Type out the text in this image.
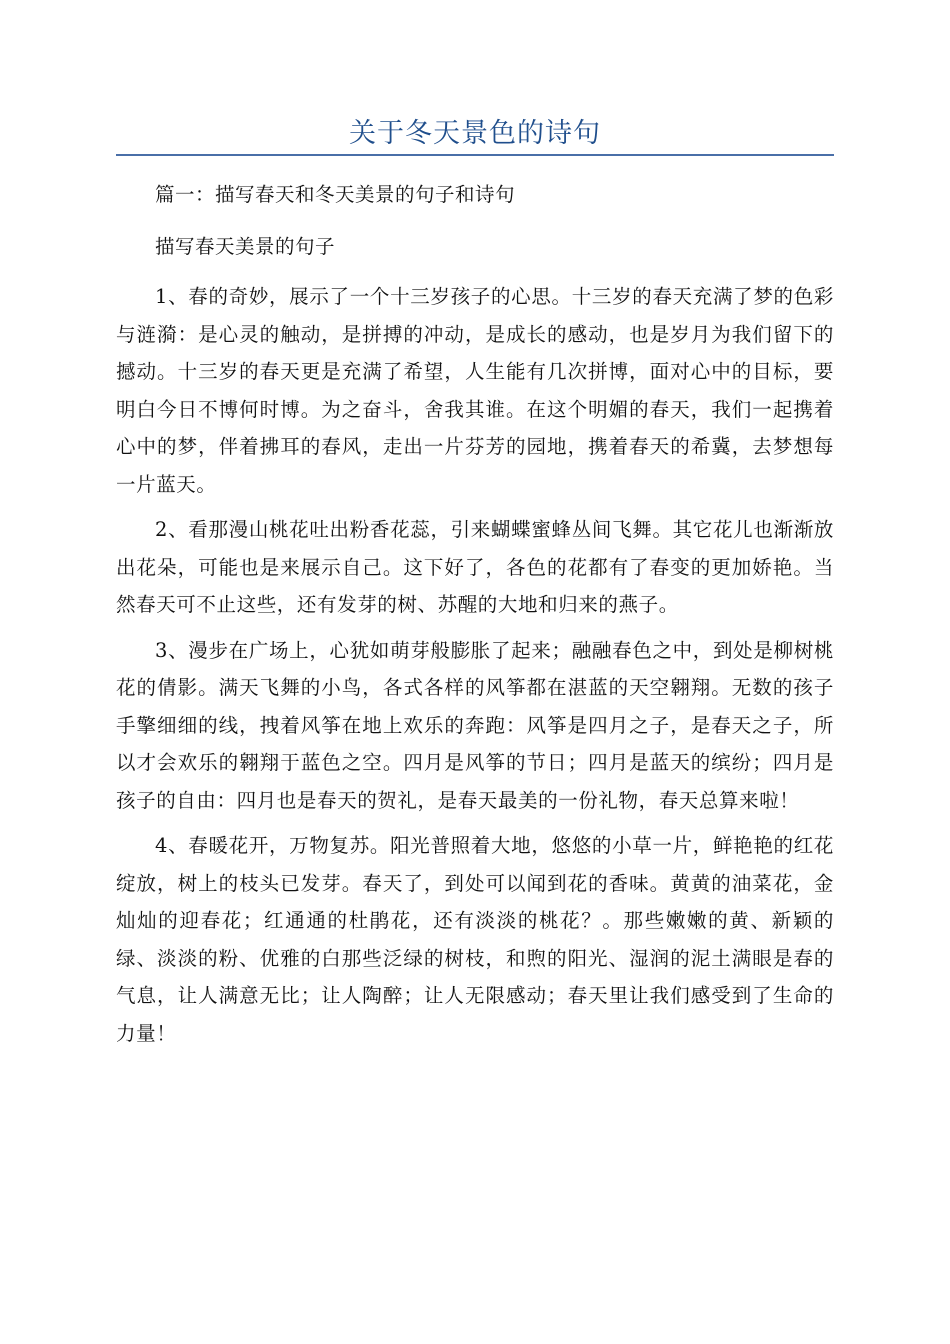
关于冬天景色的诗句

篇一：描写春天和冬天美景的句子和诗句

描写春天美景的句子

1、春的奇妙，展示了一个十三岁孩子的心思。十三岁的春天充满了梦的色彩与涟漪：是心灵的触动，是拼搏的冲动，是成长的感动，也是岁月为我们留下的撼动。十三岁的春天更是充满了希望，人生能有几次拼博，面对心中的目标，要明白今日不博何时博。为之奋斗，舍我其谁。在这个明媚的春天，我们一起携着心中的梦，伴着拂耳的春风，走出一片芬芳的园地，携着春天的希冀，去梦想每一片蓝天。

2、看那漫山桃花吐出粉香花蕊，引来蝴蝶蜜蜂丛间飞舞。其它花儿也渐渐放出花朵，可能也是来展示自己。这下好了，各色的花都有了春变的更加娇艳。当然春天可不止这些，还有发芽的树、苏醒的大地和归来的燕子。

3、漫步在广场上，心犹如萌芽般膨胀了起来；融融春色之中，到处是柳树桃花的倩影。满天飞舞的小鸟，各式各样的风筝都在湛蓝的天空翱翔。无数的孩子手擎细细的线，拽着风筝在地上欢乐的奔跑：风筝是四月之子，是春天之子，所以才会欢乐的翱翔于蓝色之空。四月是风筝的节日；四月是蓝天的缤纷；四月是孩子的自由：四月也是春天的贺礼，是春天最美的一份礼物，春天总算来啦！

4、春暖花开，万物复苏。阳光普照着大地，悠悠的小草一片，鲜艳艳的红花绽放，树上的枝头已发芽。春天了，到处可以闻到花的香味。黄黄的油菜花，金灿灿的迎春花；红通通的杜鹃花，还有淡淡的桃花？。那些嫩嫩的黄、新颖的绿、淡淡的粉、优雅的白那些泛绿的树枝，和煦的阳光、湿润的泥土满眼是春的气息，让人满意无比；让人陶醉；让人无限感动；春天里让我们感受到了生命的力量！
